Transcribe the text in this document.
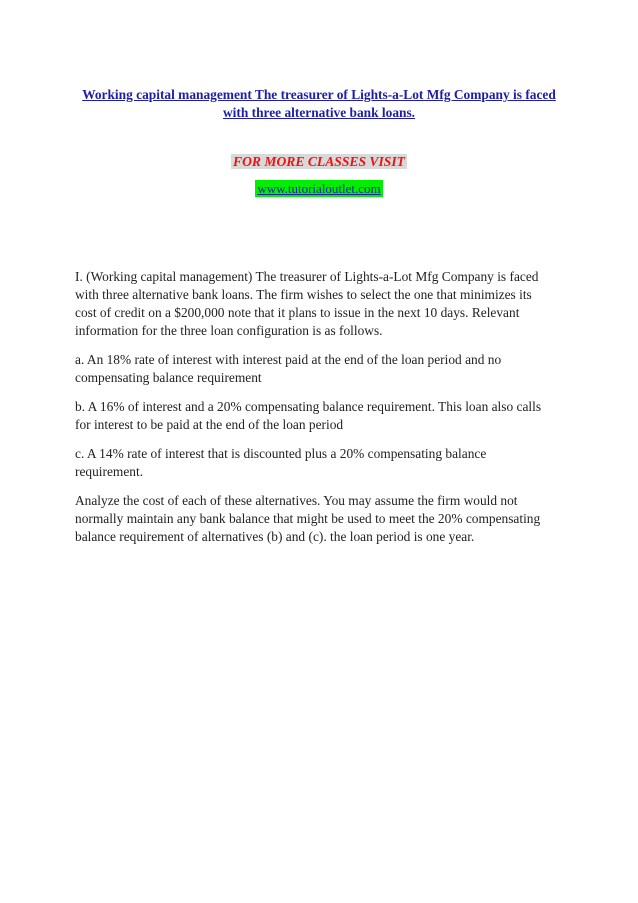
Working capital management The treasurer of Lights-a-Lot Mfg Company is faced with three alternative bank loans.
FOR MORE CLASSES VISIT
www.tutorialoutlet.com

I. (Working capital management) The treasurer of Lights-a-Lot Mfg Company is faced with three alternative bank loans. The firm wishes to select the one that minimizes its cost of credit on a $200,000 note that it plans to issue in the next 10 days. Relevant information for the three loan configuration is as follows.

a. An 18% rate of interest with interest paid at the end of the loan period and no compensating balance requirement

b. A 16% of interest and a 20% compensating balance requirement. This loan also calls for interest to be paid at the end of the loan period

c. A 14% rate of interest that is discounted plus a 20% compensating balance requirement.

Analyze the cost of each of these alternatives. You may assume the firm would not normally maintain any bank balance that might be used to meet the 20% compensating balance requirement of alternatives (b) and (c). the loan period is one year.
